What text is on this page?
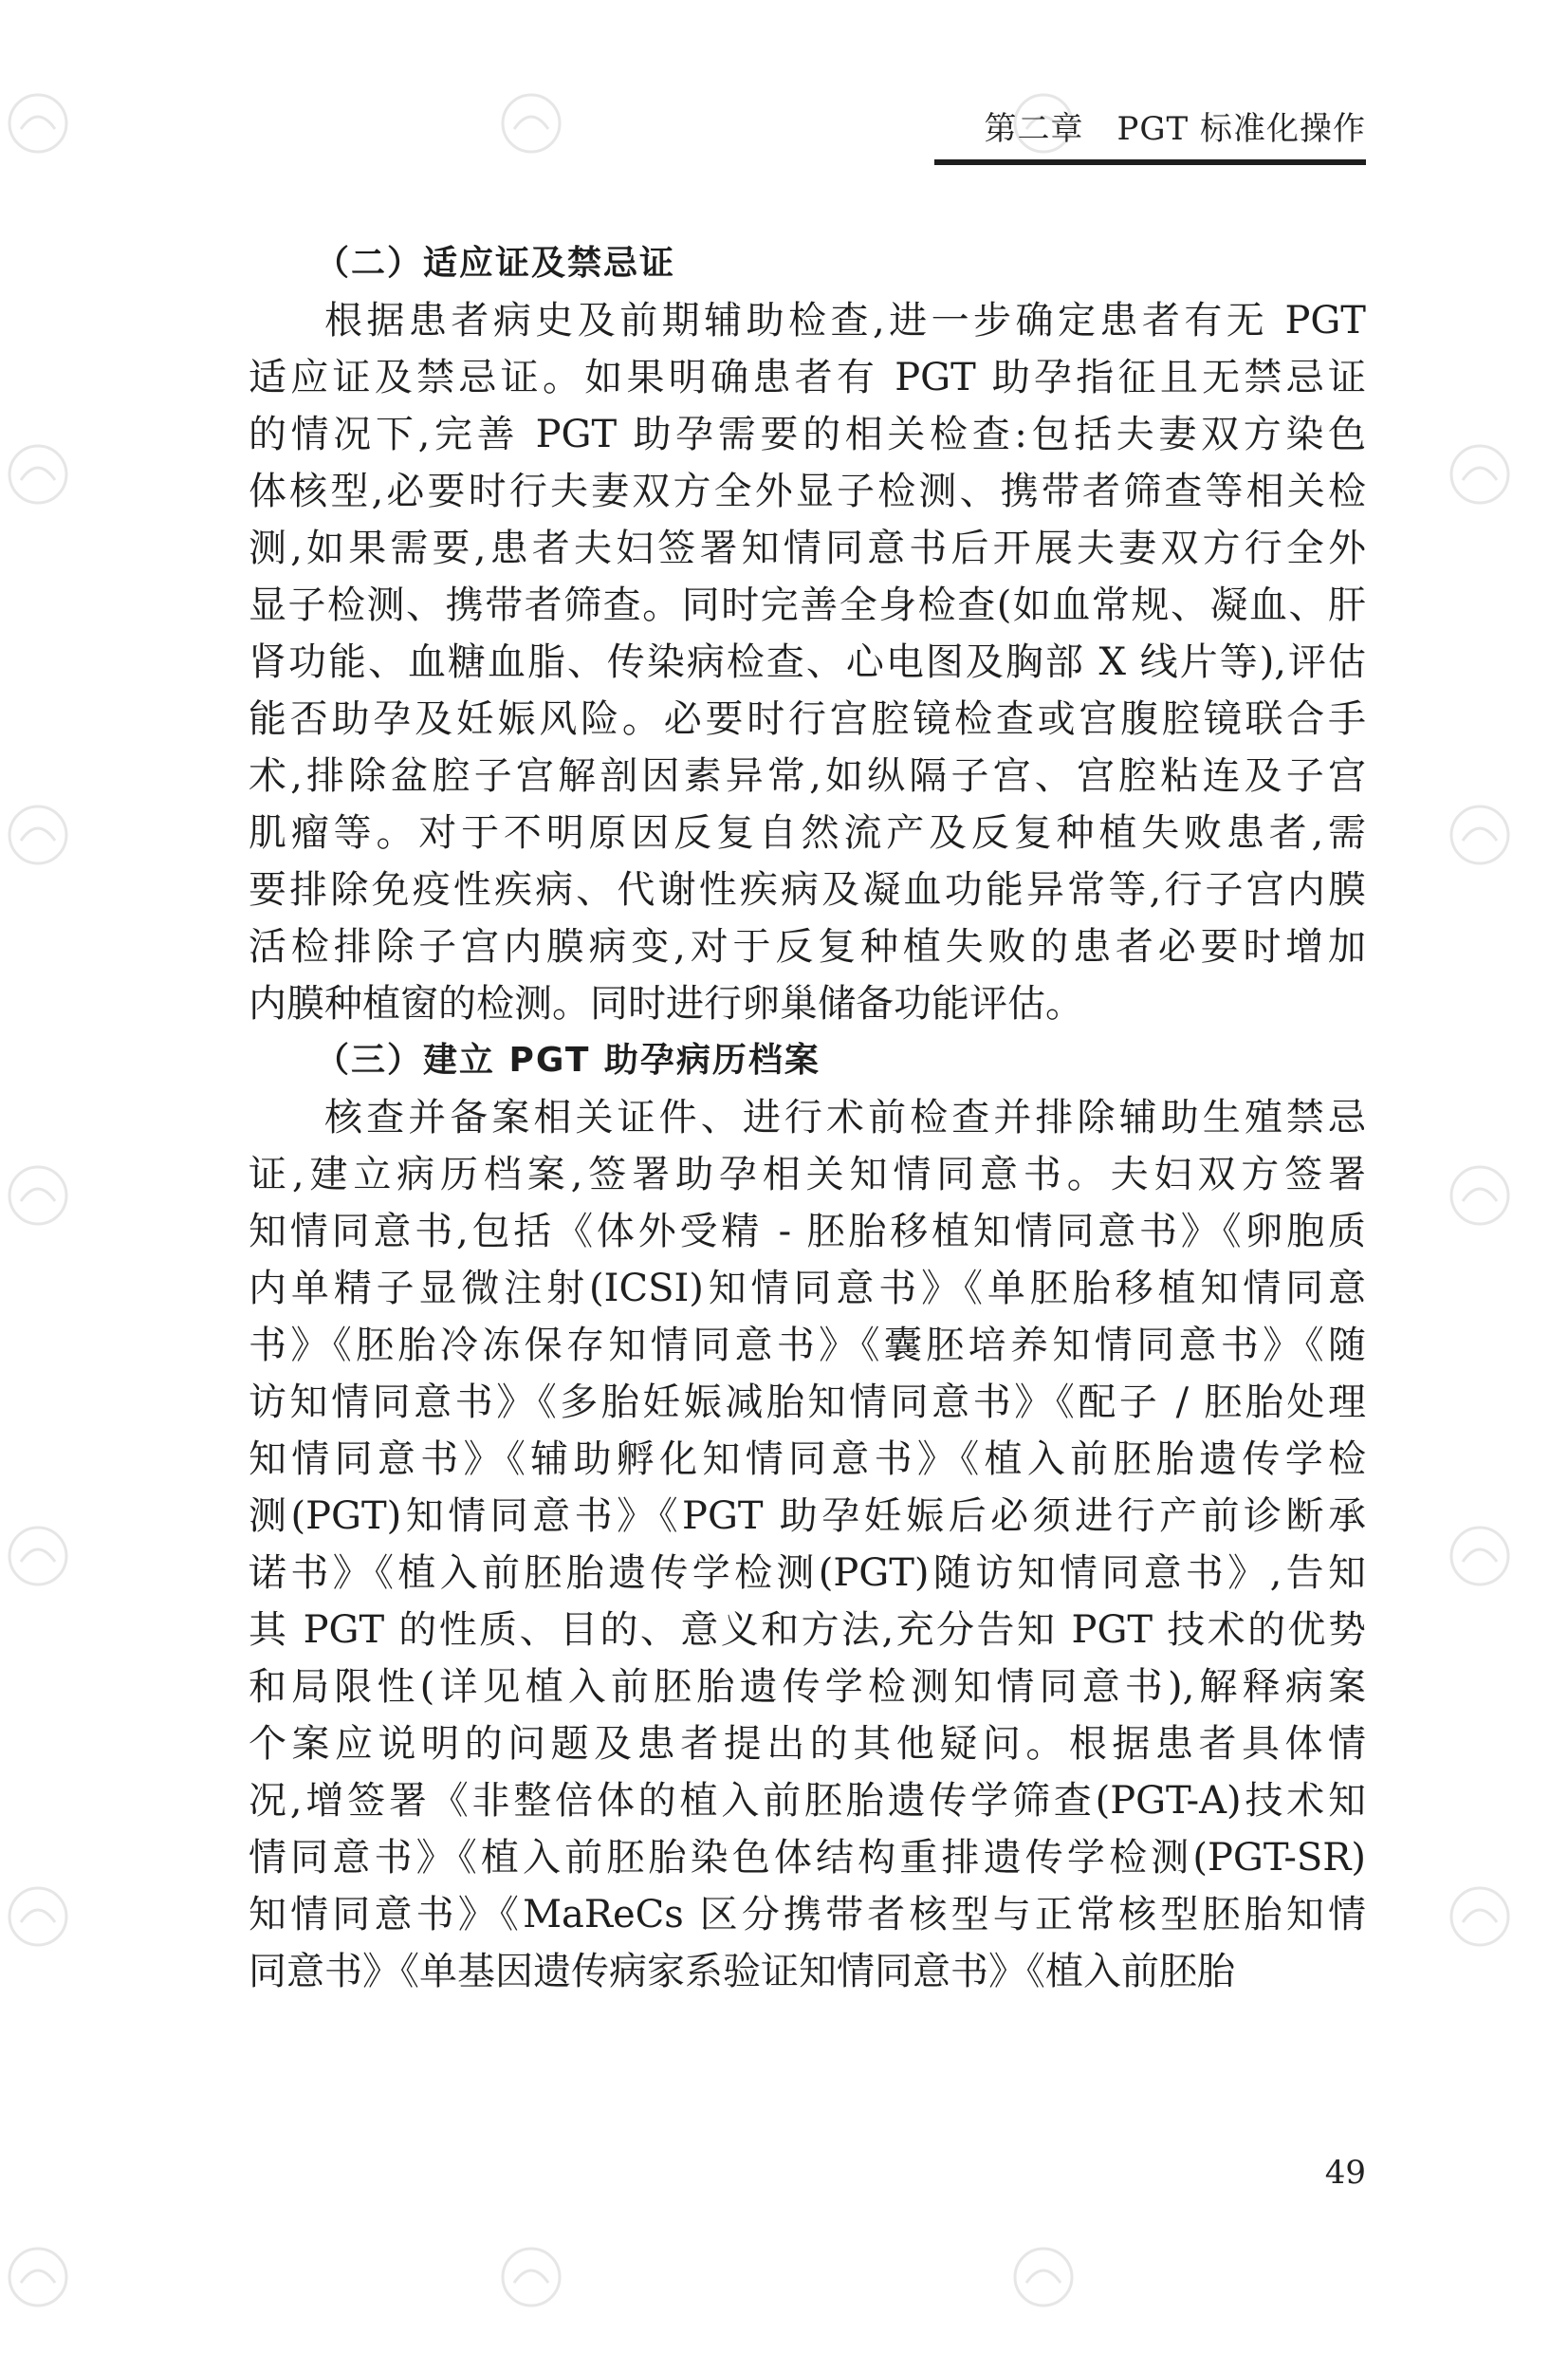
第二章　PGT 标准化操作
（二）适应证及禁忌证
根据患者病史及前期辅助检查,进一步确定患者有无 PGT
适应证及禁忌证。如果明确患者有 PGT 助孕指征且无禁忌证
的情况下,完善 PGT 助孕需要的相关检查:包括夫妻双方染色
体核型,必要时行夫妻双方全外显子检测、携带者筛查等相关检
测,如果需要,患者夫妇签署知情同意书后开展夫妻双方行全外
显子检测、携带者筛查。同时完善全身检查(如血常规、凝血、肝
肾功能、血糖血脂、传染病检查、心电图及胸部 X 线片等),评估
能否助孕及妊娠风险。必要时行宫腔镜检查或宫腹腔镜联合手
术,排除盆腔子宫解剖因素异常,如纵隔子宫、宫腔粘连及子宫
肌瘤等。对于不明原因反复自然流产及反复种植失败患者,需
要排除免疫性疾病、代谢性疾病及凝血功能异常等,行子宫内膜
活检排除子宫内膜病变,对于反复种植失败的患者必要时增加
内膜种植窗的检测。同时进行卵巢储备功能评估。
（三）建立 PGT 助孕病历档案
核查并备案相关证件、进行术前检查并排除辅助生殖禁忌
证,建立病历档案,签署助孕相关知情同意书。夫妇双方签署
知情同意书,包括《体外受精 - 胚胎移植知情同意书》《卵胞质
内单精子显微注射(ICSI)知情同意书》《单胚胎移植知情同意
书》《胚胎冷冻保存知情同意书》《囊胚培养知情同意书》《随
访知情同意书》《多胎妊娠减胎知情同意书》《配子 / 胚胎处理
知情同意书》《辅助孵化知情同意书》《植入前胚胎遗传学检
测(PGT)知情同意书》《PGT 助孕妊娠后必须进行产前诊断承
诺书》《植入前胚胎遗传学检测(PGT)随访知情同意书》,告知
其 PGT 的性质、目的、意义和方法,充分告知 PGT 技术的优势
和局限性(详见植入前胚胎遗传学检测知情同意书),解释病案
个案应说明的问题及患者提出的其他疑问。根据患者具体情
况,增签署《非整倍体的植入前胚胎遗传学筛查(PGT-A)技术知
情同意书》《植入前胚胎染色体结构重排遗传学检测(PGT-SR)
知情同意书》《MaReCs 区分携带者核型与正常核型胚胎知情
同意书》《单基因遗传病家系验证知情同意书》《植入前胚胎
49
